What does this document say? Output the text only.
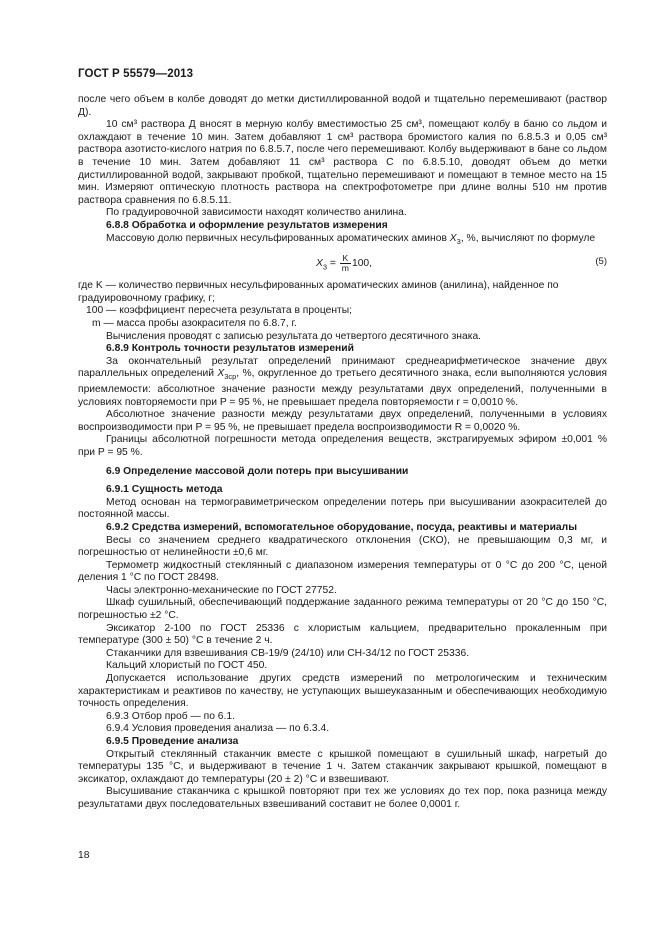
ГОСТ Р 55579—2013

после чего объем в колбе доводят до метки дистиллированной водой и тщательно перемешивают (раствор Д).

10 см³ раствора Д вносят в мерную колбу вместимостью 25 см³, помещают колбу в баню со льдом и охлаждают в течение 10 мин. Затем добавляют 1 см³ раствора бромистого калия по 6.8.5.3 и 0,05 см³ раствора азотисто-кислого натрия по 6.8.5.7, после чего перемешивают. Колбу выдерживают в бане со льдом в течение 10 мин. Затем добавляют 11 см³ раствора С по 6.8.5.10, доводят объем до метки дистиллированной водой, закрывают пробкой, тщательно перемешивают и помещают в темное место на 15 мин. Измеряют оптическую плотность раствора на спектрофотометре при длине волны 510 нм против раствора сравнения по 6.8.5.11.

По градуировочной зависимости находят количество анилина.

6.8.8 Обработка и оформление результатов измерения

Массовую долю первичных несульфированных ароматических аминов $X_3$, %, вычисляют по формуле

$X_3 = \frac{K}{m} 100$,	(5)

где K — количество первичных несульфированных ароматических аминов (анилина), найденное по градуировочному графику, г;

100 — коэффициент пересчета результата в проценты;

m — масса пробы азокрасителя по 6.8.7, г.

Вычисления проводят с записью результата до четвертого десятичного знака.

6.8.9 Контроль точности результатов измерений

За окончательный результат определений принимают среднеарифметическое значение двух параллельных определений $X_{3ср}$, %, округленное до третьего десятичного знака, если выполняются условия приемлемости: абсолютное значение разности между результатами двух определений, полученными в условиях повторяемости при P = 95 %, не превышает предела повторяемости r = 0,0010 %.

Абсолютное значение разности между результатами двух определений, полученными в условиях воспроизводимости при P = 95 %, не превышает предела воспроизводимости R = 0,0020 %.

Границы абсолютной погрешности метода определения веществ, экстрагируемых эфиром ±0,001 % при P = 95 %.

6.9 Определение массовой доли потерь при высушивании

6.9.1 Сущность метода

Метод основан на термогравиметрическом определении потерь при высушивании азокрасителей до постоянной массы.

6.9.2 Средства измерений, вспомогательное оборудование, посуда, реактивы и материалы

Весы со значением среднего квадратического отклонения (СКО), не превышающим 0,3 мг, и погрешностью от нелинейности ±0,6 мг.

Термометр жидкостный стеклянный с диапазоном измерения температуры от 0 °С до 200 °С, ценой деления 1 °С по ГОСТ 28498.

Часы электронно-механические по ГОСТ 27752.

Шкаф сушильный, обеспечивающий поддержание заданного режима температуры от 20 °С до 150 °С, погрешностью ±2 °С.

Эксикатор 2-100 по ГОСТ 25336 с хлористым кальцием, предварительно прокаленным при температуре (300 ± 50) °С в течение 2 ч.

Стаканчики для взвешивания СВ-19/9 (24/10) или СН-34/12 по ГОСТ 25336.

Кальций хлористый по ГОСТ 450.

Допускается использование других средств измерений по метрологическим и техническим характеристикам и реактивов по качеству, не уступающих вышеуказанным и обеспечивающих необходимую точность определения.

6.9.3 Отбор проб — по 6.1.

6.9.4 Условия проведения анализа — по 6.3.4.

6.9.5 Проведение анализа

Открытый стеклянный стаканчик вместе с крышкой помещают в сушильный шкаф, нагретый до температуры 135 °С, и выдерживают в течение 1 ч. Затем стаканчик закрывают крышкой, помещают в эксикатор, охлаждают до температуры (20 ± 2) °С и взвешивают.

Высушивание стаканчика с крышкой повторяют при тех же условиях до тех пор, пока разница между результатами двух последовательных взвешиваний составит не более 0,0001 г.

18
